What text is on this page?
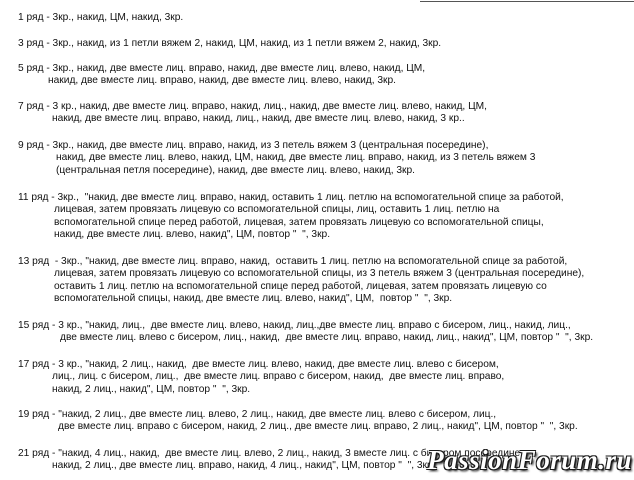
1 ряд - 3кр., накид, ЦМ, накид, 3кр.
3 ряд - 3кр., накид, из 1 петли вяжем 2, накид, ЦМ, накид, из 1 петли вяжем 2, накид, 3кр.
5 ряд - 3кр., накид, две вместе лиц. вправо, накид, две вместе лиц. влево, накид, ЦМ,
накид, две вместе лиц. вправо, накид, две вместе лиц. влево, накид, 3кр.
7 ряд - 3 кр., накид, две вместе лиц. вправо, накид, лиц., накид, две вместе лиц. влево, накид, ЦМ,
накид, две вместе лиц. вправо, накид, лиц., накид, две вместе лиц. влево, накид, 3 кр..
9 ряд - 3кр., накид, две вместе лиц. вправо, накид, из 3 петель вяжем 3 (центральная посередине),
накид, две вместе лиц. влево, накид, ЦМ, накид, две вместе лиц. вправо, накид, из 3 петель вяжем 3
(центральная петля посередине), накид, две вместе лиц. влево, накид, 3кр.
11 ряд - 3кр.,  "накид, две вместе лиц. вправо, накид, оставить 1 лиц. петлю на вспомогательной спице за работой,
лицевая, затем провязать лицевую со вспомогательной спицы, лиц, оставить 1 лиц. петлю на
вспомогательной спице перед работой, лицевая, затем провязать лицевую со вспомогательной спицы,
накид, две вместе лиц. влево, накид", ЦМ, повтор "  ", 3кр.
13 ряд  - 3кр., "накид, две вместе лиц. вправо, накид,  оставить 1 лиц. петлю на вспомогательной спице за работой,
лицевая, затем провязать лицевую со вспомогательной спицы, из 3 петель вяжем 3 (центральная посередине),
оставить 1 лиц. петлю на вспомогательной спице перед работой, лицевая, затем провязать лицевую со
вспомогательной спицы, накид, две вместе лиц. влево, накид", ЦМ,  повтор "  ", 3кр.
15 ряд - 3 кр., "накид, лиц.,  две вместе лиц. влево, накид, лиц.,две вместе лиц. вправо с бисером, лиц., накид, лиц.,
две вместе лиц. влево с бисером, лиц., накид,  две вместе лиц. вправо, накид, лиц., накид", ЦМ, повтор "  ", 3кр.
17 ряд - 3 кр., "накид, 2 лиц., накид,  две вместе лиц. влево, накид, две вместе лиц. влево с бисером,
лиц., лиц. с бисером, лиц.,  две вместе лиц. вправо с бисером, накид,  две вместе лиц. вправо,
накид, 2 лиц., накид", ЦМ, повтор "  ", 3кр.
19 ряд - "накид, 2 лиц., две вместе лиц. влево, 2 лиц., накид, две вместе лиц. влево с бисером, лиц.,
две вместе лиц. вправо с бисером, накид, 2 лиц., две вместе лиц. вправо, 2 лиц., накид", ЦМ, повтор "  ", 3кр.
21 ряд - "накид, 4 лиц., накид,  две вместе лиц. влево, 2 лиц., накид, 3 вместе лиц. с бисером посередине,
накид, 2 лиц., две вместе лиц. вправо, накид, 4 лиц., накид", ЦМ, повтор "  ", 3кр.
PassionForum.ru
